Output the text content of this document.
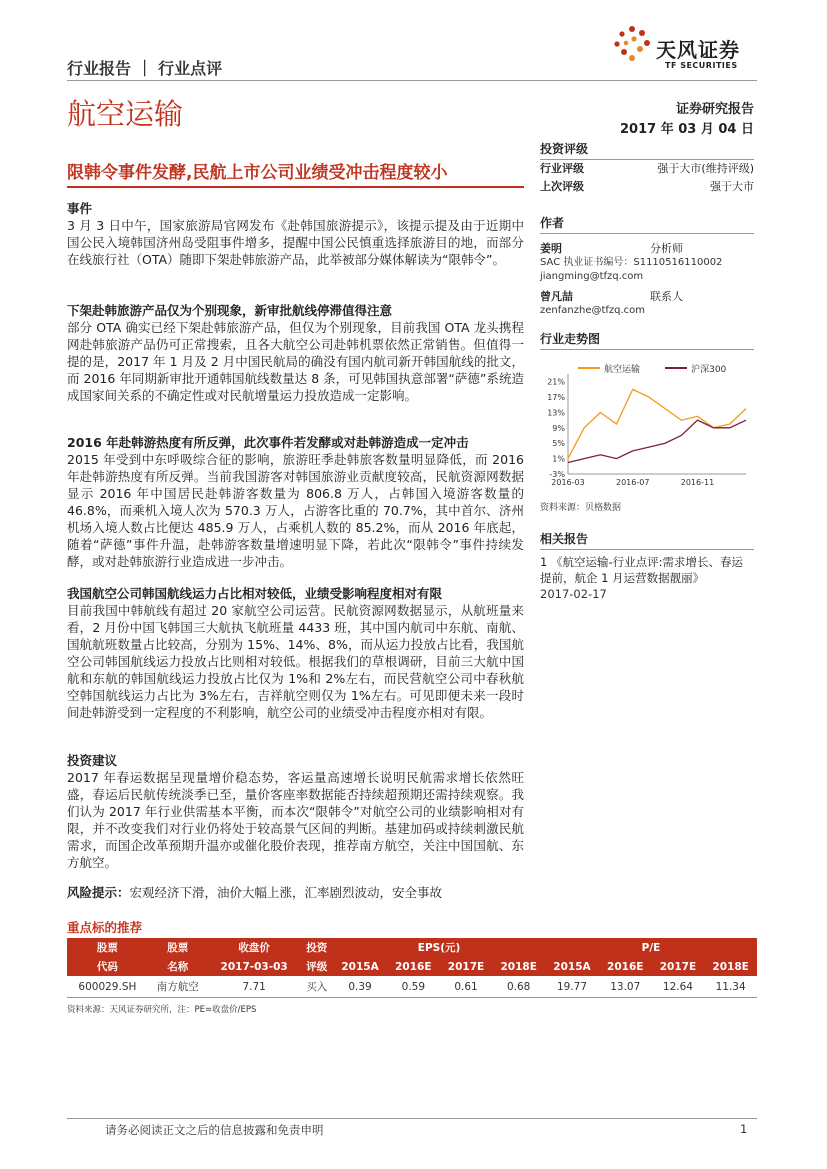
行业报告 ｜ 行业点评
天风证券
TF SECURITIES
航空运输	证券研究报告
2017 年 03 月 04 日
限韩令事件发酵,民航上市公司业绩受冲击程度较小

事件

3 月 3 日中午，国家旅游局官网发布《赴韩国旅游提示》，该提示提及由于近期中国公民入境韩国济州岛受阻事件增多，提醒中国公民慎重选择旅游目的地，而部分在线旅行社（OTA）随即下架赴韩旅游产品，此举被部分媒体解读为“限韩令”。

下架赴韩旅游产品仅为个别现象，新审批航线停滞值得注意

部分 OTA 确实已经下架赴韩旅游产品，但仅为个别现象，目前我国 OTA 龙头携程网赴韩旅游产品仍可正常搜索，且各大航空公司赴韩机票依然正常销售。但值得一提的是，2017 年 1 月及 2 月中国民航局的确没有国内航司新开韩国航线的批文，而 2016 年同期新审批开通韩国航线数量达 8 条，可见韩国执意部署“萨德”系统造成国家间关系的不确定性或对民航增量运力投放造成一定影响。

2016 年赴韩游热度有所反弹，此次事件若发酵或对赴韩游造成一定冲击

2015 年受到中东呼吸综合征的影响，旅游旺季赴韩旅客数量明显降低，而 2016 年赴韩游热度有所反弹。当前我国游客对韩国旅游业贡献度较高，民航资源网数据显示 2016 年中国居民赴韩游客数量为 806.8 万人，占韩国入境游客数量的 46.8%，而乘机入境人次为 570.3 万人，占游客比重的 70.7%，其中首尔、济州机场入境人数占比便达 485.9 万人，占乘机人数的 85.2%，而从 2016 年底起，随着“萨德”事件升温，赴韩游客数量增速明显下降，若此次“限韩令”事件持续发酵，或对赴韩旅游行业造成进一步冲击。

我国航空公司韩国航线运力占比相对较低，业绩受影响程度相对有限

目前我国中韩航线有超过 20 家航空公司运营。民航资源网数据显示，从航班量来看，2 月份中国飞韩国三大航执飞航班量 4433 班，其中国内航司中东航、南航、国航航班数量占比较高，分别为 15%、14%、8%，而从运力投放占比看，我国航空公司韩国航线运力投放占比则相对较低。根据我们的草根调研，目前三大航中国航和东航的韩国航线运力投放占比仅为 1%和 2%左右，而民营航空公司中春秋航空韩国航线运力占比为 3%左右，吉祥航空则仅为 1%左右。可见即便未来一段时间赴韩游受到一定程度的不利影响，航空公司的业绩受冲击程度亦相对有限。

投资建议

2017 年春运数据呈现量增价稳态势，客运量高速增长说明民航需求增长依然旺盛，春运后民航传统淡季已至，量价客座率数据能否持续超预期还需持续观察。我们认为 2017 年行业供需基本平衡，而本次“限韩令”对航空公司的业绩影响相对有限，并不改变我们对行业仍将处于较高景气区间的判断。基建加码或持续刺激民航需求，而国企改革预期升温亦或催化股价表现，推荐南方航空，关注中国国航、东方航空。

风险提示：宏观经济下滑，油价大幅上涨，汇率剧烈波动，安全事故
投资评级
行业评级	强于大市(维持评级)
上次评级	强于大市
作者
姜明	分析师
SAC 执业证书编号：S1110516110002
jiangming@tfzq.com
曾凡喆	联系人
zenfanzhe@tfzq.com
行业走势图
航空运输
	沪深300
21%
17%
13%
9%
5%
1%
-3%
2016-03	2016-07	2016-11
资料来源：贝格数据
相关报告
1 《航空运输-行业点评:需求增长、春运提前，航企 1 月运营数据靓丽》
2017-02-17
重点标的推荐
股票	股票	收盘价	投资	EPS(元)				P/E			
代码	名称	2017-03-03	评级	2015A	2016E	2017E	2018E	2015A	2016E	2017E	2018E
600029.SH	南方航空	7.71	买入	0.39	0.59	0.61	0.68	19.77	13.07	12.64	11.34
资料来源：天风证券研究所，注：PE=收盘价/EPS
请务必阅读正文之后的信息披露和免责申明	1
